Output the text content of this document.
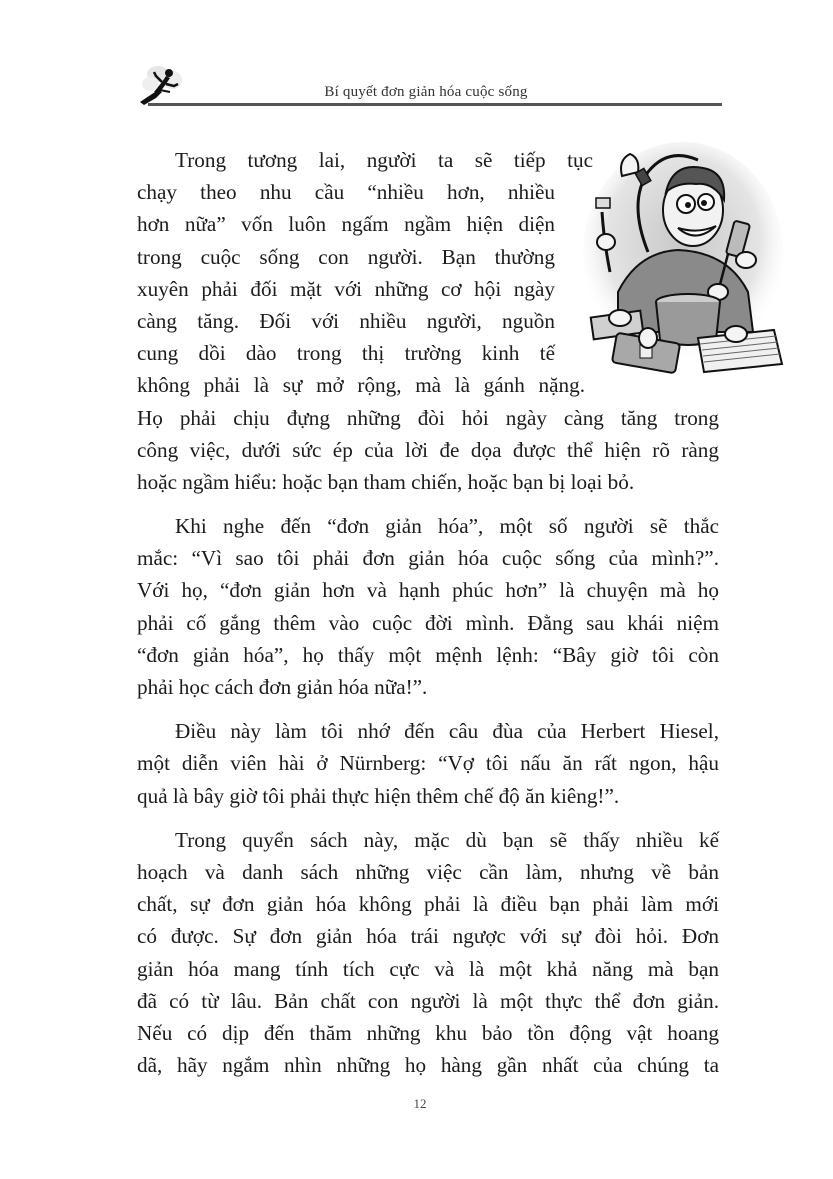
Bí quyết đơn giản hóa cuộc sống
Trong tương lai, người ta sẽ tiếp tục
chạy theo nhu cầu “nhiều hơn, nhiều
hơn nữa” vốn luôn ngấm ngầm hiện diện
trong cuộc sống con người. Bạn thường
xuyên phải đối mặt với những cơ hội ngày
càng tăng. Đối với nhiều người, nguồn
cung dồi dào trong thị trường kinh tế
không phải là sự mở rộng, mà là gánh nặng.
Họ phải chịu đựng những đòi hỏi ngày càng tăng trong
công việc, dưới sức ép của lời đe dọa được thể hiện rõ ràng
hoặc ngầm hiểu: hoặc bạn tham chiến, hoặc bạn bị loại bỏ.
Khi nghe đến “đơn giản hóa”, một số người sẽ thắc
mắc: “Vì sao tôi phải đơn giản hóa cuộc sống của mình?”.
Với họ, “đơn giản hơn và hạnh phúc hơn” là chuyện mà họ
phải cố gắng thêm vào cuộc đời mình. Đằng sau khái niệm
“đơn giản hóa”, họ thấy một mệnh lệnh: “Bây giờ tôi còn
phải học cách đơn giản hóa nữa!”.
Điều này làm tôi nhớ đến câu đùa của Herbert Hiesel,
một diễn viên hài ở Nürnberg: “Vợ tôi nấu ăn rất ngon, hậu
quả là bây giờ tôi phải thực hiện thêm chế độ ăn kiêng!”.
Trong quyển sách này, mặc dù bạn sẽ thấy nhiều kế
hoạch và danh sách những việc cần làm, nhưng về bản
chất, sự đơn giản hóa không phải là điều bạn phải làm mới
có được. Sự đơn giản hóa trái ngược với sự đòi hỏi. Đơn
giản hóa mang tính tích cực và là một khả năng mà bạn
đã có từ lâu. Bản chất con người là một thực thể đơn giản.
Nếu có dịp đến thăm những khu bảo tồn động vật hoang
dã, hãy ngắm nhìn những họ hàng gần nhất của chúng ta
12
